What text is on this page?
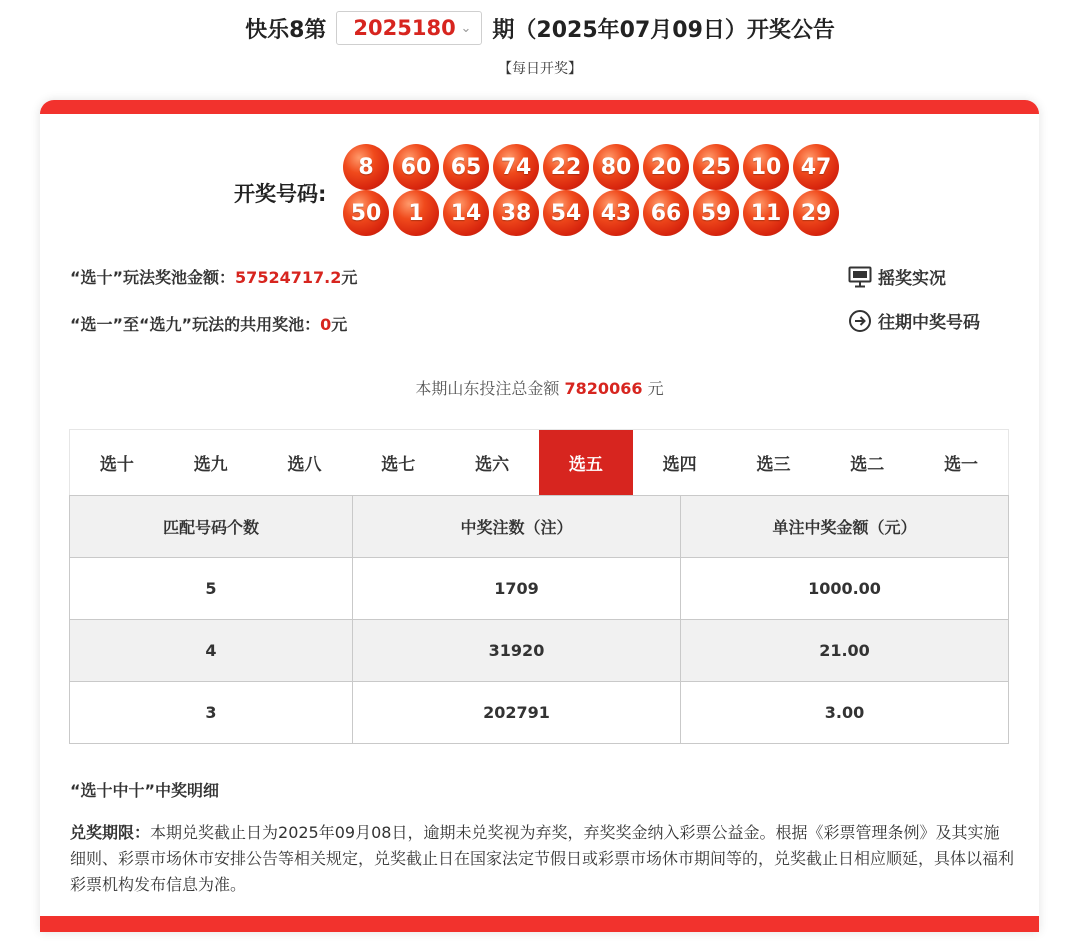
快乐8第 2025180 ⌄ 期（2025年07月09日）开奖公告
【每日开奖】
开奖号码:
8	60 65 74 22 80 20 25 10 47
50	1	14 38 54 43 66 59 11 29
“选十”玩法奖池金额：57524717.2元
“选一”至“选九”玩法的共用奖池：0元
摇奖实况
往期中奖号码
本期山东投注总金额 7820066 元
选十	选九	选八	选七	选六	选五	选四	选三	选二	选一
匹配号码个数	中奖注数（注）	单注中奖金额（元）
5	1709	1000.00
4	31920	21.00
3	202791	3.00
“选十中十”中奖明细
兑奖期限：本期兑奖截止日为2025年09月08日，逾期未兑奖视为弃奖，弃奖奖金纳入彩票公益金。根据《彩票管理条例》及其实施细则、彩票市场休市安排公告等相关规定，兑奖截止日在国家法定节假日或彩票市场休市期间等的，兑奖截止日相应顺延，具体以福利彩票机构发布信息为准。
